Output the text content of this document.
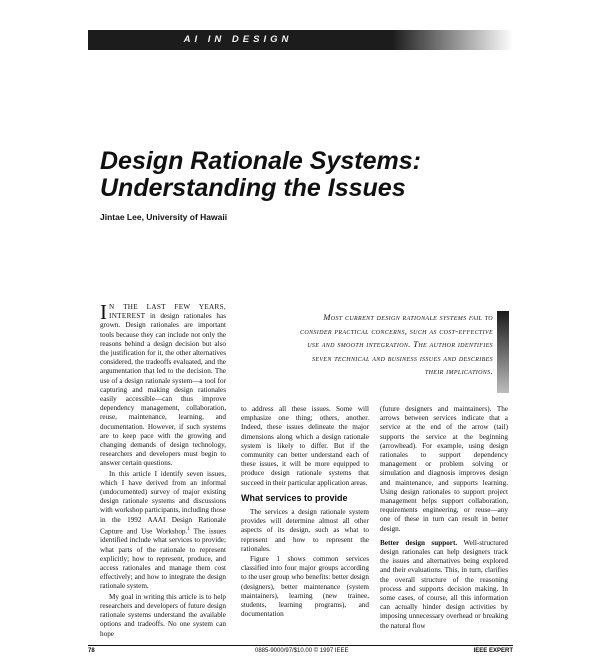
AI IN DESIGN
Design Rationale Systems:
Understanding the Issues
Jintae Lee, University of Hawaii
Most current design rationale systems fail to
consider practical concerns, such as cost-effective
use and smooth integration. The author identifies
seven technical and business issues and describes
their implications.

I N THE LAST FEW YEARS, INTEREST in design rationales has grown. Design rationales are important tools because they can include not only the reasons behind a design decision but also the justification for it, the other alternatives considered, the tradeoffs evaluated, and the argumentation that led to the decision. The use of a design rationale system—a tool for capturing and making design rationales easily accessible—can thus improve dependency management, collaboration, reuse, maintenance, learning, and documentation. However, if such systems are to keep pace with the growing and changing demands of design technology, researchers and developers must begin to answer certain questions.

In this article I identify seven issues, which I have derived from an informal (undocumented) survey of major existing design rationale systems and discussions with workshop participants, including those in the 1992 AAAI Design Rationale Capture and Use Workshop.$^1$ The issues identified include what services to provide; what parts of the rationale to represent explicitly; how to represent, produce, and access rationales and manage them cost effectively; and how to integrate the design rationale system.

My goal in writing this article is to help researchers and developers of future design rationale systems understand the available options and tradeoffs. No one system can hope

to address all these issues. Some will emphasize one thing; others, another. Indeed, these issues delineate the major dimensions along which a design rationale system is likely to differ. But if the community can better understand each of these issues, it will be more equipped to produce design rationale systems that succeed in their particular application areas.

What services to provide

The services a design rationale system provides will determine almost all other aspects of its design, such as what to represent and how to represent the rationales.

Figure 1 shows common services classified into four major groups according to the user group who benefits: better design (designers), better maintenance (system maintainers), learning (new trainee, students, learning programs), and documentation

(future designers and maintainers). The arrows between services indicate that a service at the end of the arrow (tail) supports the service at the beginning (arrowhead). For example, using design rationales to support dependency management or problem solving or simulation and diagnosis improves design and maintenance, and supports learning. Using design rationales to support project management helps support collaboration, requirements engineering, or reuse—any one of these in turn can result in better design.

Better design support. Well-structured design rationales can help designers track the issues and alternatives being explored and their evaluations. This, in turn, clarifies the overall structure of the reasoning process and supports decision making. In some cases, of course, all this information can actually hinder design activities by imposing unnecessary overhead or breaking the natural flow

78	0885-9000/97/$10.00 © 1997 IEEE	IEEE EXPERT
